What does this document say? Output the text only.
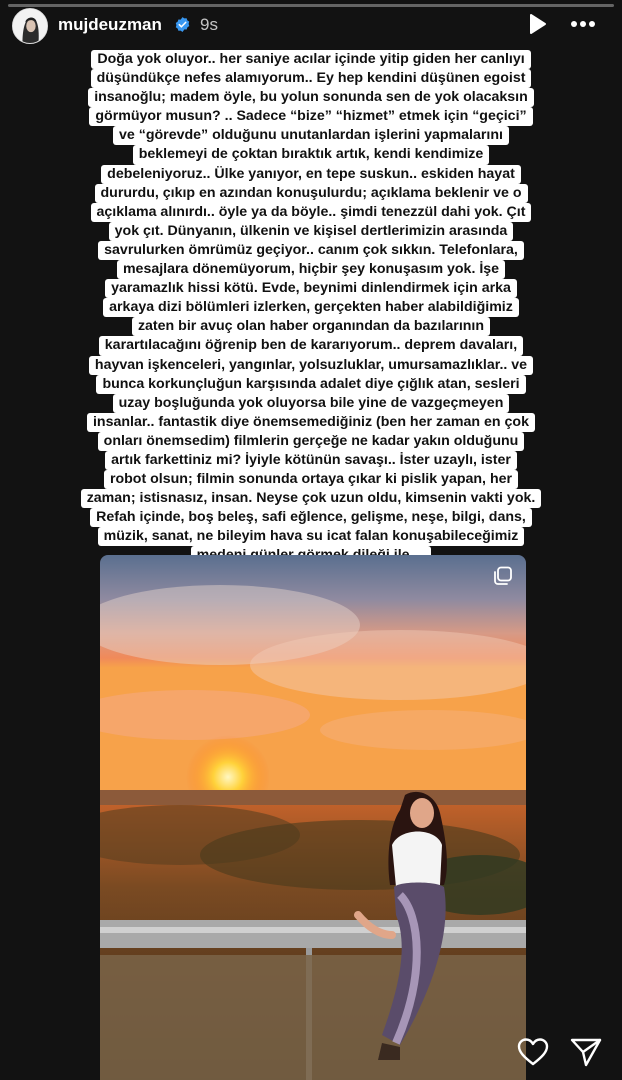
mujdeuzman 9s
Doğa yok oluyor.. her saniye acılar içinde yitip giden her canlıyı
düşündükçe nefes alamıyorum.. Ey hep kendini düşünen egoist
insanoğlu; madem öyle, bu yolun sonunda sen de yok olacaksın
görmüyor musun? .. Sadece “bize” “hizmet” etmek için “geçici”
ve “görevde” olduğunu unutanlardan işlerini yapmalarını
beklemeyi de çoktan bıraktık artık, kendi kendimize
debeleniyoruz.. Ülke yanıyor, en tepe suskun.. eskiden hayat
dururdu, çıkıp en azından konuşulurdu; açıklama beklenir ve o
açıklama alınırdı.. öyle ya da böyle.. şimdi tenezzül dahi yok. Çıt
yok çıt. Dünyanın, ülkenin ve kişisel dertlerimizin arasında
savrulurken ömrümüz geçiyor.. canım çok sıkkın. Telefonlara,
mesajlara dönemüyorum, hiçbir şey konuşasım yok. İşe
yaramazlık hissi kötü. Evde, beynimi dinlendirmek için arka
arkaya dizi bölümleri izlerken, gerçekten haber alabildiğimiz
zaten bir avuç olan haber organından da bazılarının
karartılacağını öğrenip ben de kararıyorum.. deprem davaları,
hayvan işkenceleri, yangınlar, yolsuzluklar, umursamazlıklar.. ve
bunca korkunçluğun karşısında adalet diye çığlık atan, sesleri
uzay boşluğunda yok oluyorsa bile yine de vazgeçmeyen
insanlar.. fantastik diye önemsemediğiniz (ben her zaman en çok
onları önemsedim) filmlerin gerçeğe ne kadar yakın olduğunu
artık farkettiniz mi? İyiyle kötünün savaşı.. İster uzaylı, ister
robot olsun; filmin sonunda ortaya çıkar ki pislik yapan, her
zaman; istisnasız, insan. Neyse çok uzun oldu, kimsenin vakti yok.
Refah içinde, boş beleş, safi eğlence, gelişme, neşe, bilgi, dans,
müzik, sanat, ne bileyim hava su icat falan konuşabileceğimiz
